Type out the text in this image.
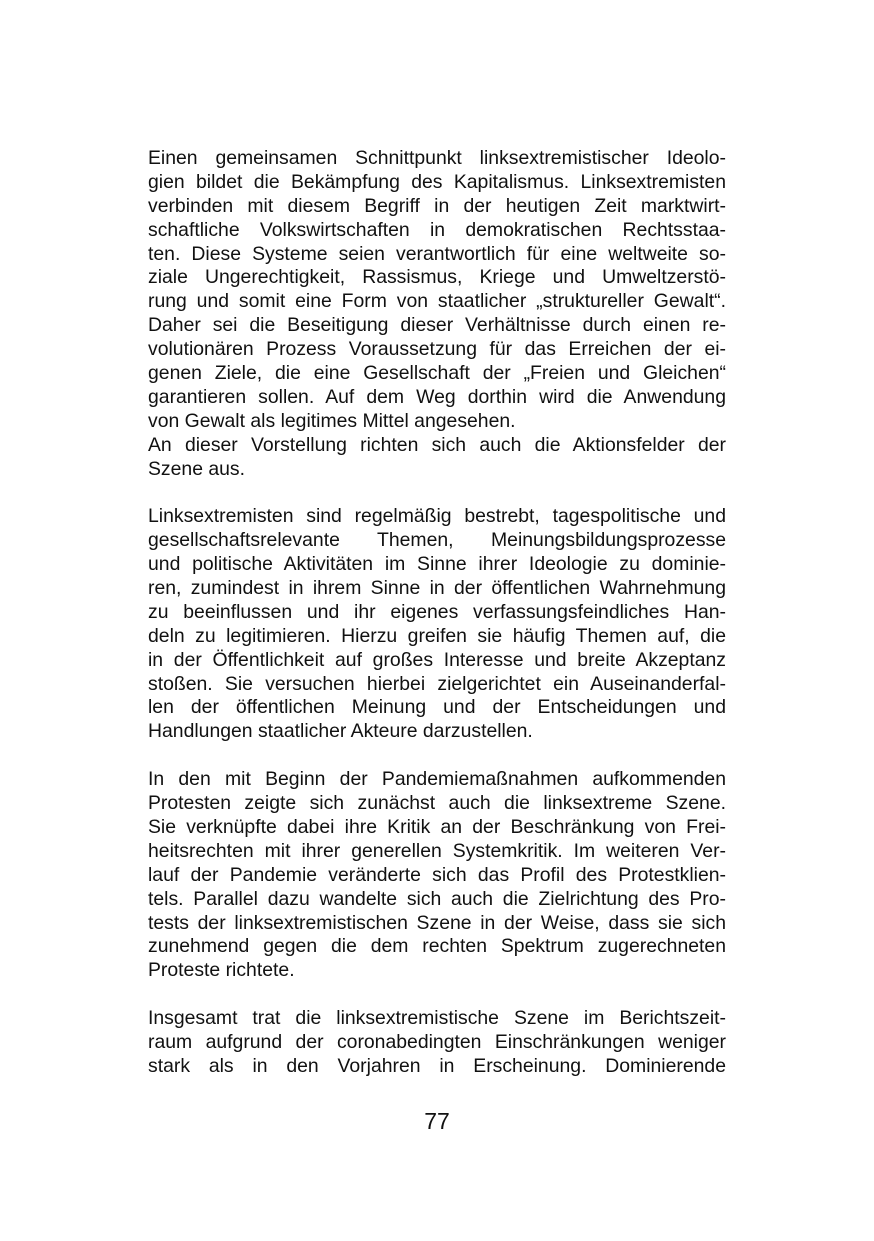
Einen gemeinsamen Schnittpunkt linksextremistischer Ideolo-
gien bildet die Bekämpfung des Kapitalismus. Linksextremisten
verbinden mit diesem Begriff in der heutigen Zeit marktwirt-
schaftliche Volkswirtschaften in demokratischen Rechtsstaa-
ten. Diese Systeme seien verantwortlich für eine weltweite so-
ziale Ungerechtigkeit, Rassismus, Kriege und Umweltzerstö-
rung und somit eine Form von staatlicher „struktureller Gewalt“.
Daher sei die Beseitigung dieser Verhältnisse durch einen re-
volutionären Prozess Voraussetzung für das Erreichen der ei-
genen Ziele, die eine Gesellschaft der „Freien und Gleichen“
garantieren sollen. Auf dem Weg dorthin wird die Anwendung
von Gewalt als legitimes Mittel angesehen.
An dieser Vorstellung richten sich auch die Aktionsfelder der
Szene aus.
Linksextremisten sind regelmäßig bestrebt, tagespolitische und
gesellschaftsrelevante Themen, Meinungsbildungsprozesse
und politische Aktivitäten im Sinne ihrer Ideologie zu dominie-
ren, zumindest in ihrem Sinne in der öffentlichen Wahrnehmung
zu beeinflussen und ihr eigenes verfassungsfeindliches Han-
deln zu legitimieren. Hierzu greifen sie häufig Themen auf, die
in der Öffentlichkeit auf großes Interesse und breite Akzeptanz
stoßen. Sie versuchen hierbei zielgerichtet ein Auseinanderfal-
len der öffentlichen Meinung und der Entscheidungen und
Handlungen staatlicher Akteure darzustellen.
In den mit Beginn der Pandemiemaßnahmen aufkommenden
Protesten zeigte sich zunächst auch die linksextreme Szene.
Sie verknüpfte dabei ihre Kritik an der Beschränkung von Frei-
heitsrechten mit ihrer generellen Systemkritik. Im weiteren Ver-
lauf der Pandemie veränderte sich das Profil des Protestklien-
tels. Parallel dazu wandelte sich auch die Zielrichtung des Pro-
tests der linksextremistischen Szene in der Weise, dass sie sich
zunehmend gegen die dem rechten Spektrum zugerechneten
Proteste richtete.
Insgesamt trat die linksextremistische Szene im Berichtszeit-
raum aufgrund der coronabedingten Einschränkungen weniger
stark als in den Vorjahren in Erscheinung. Dominierende
77
